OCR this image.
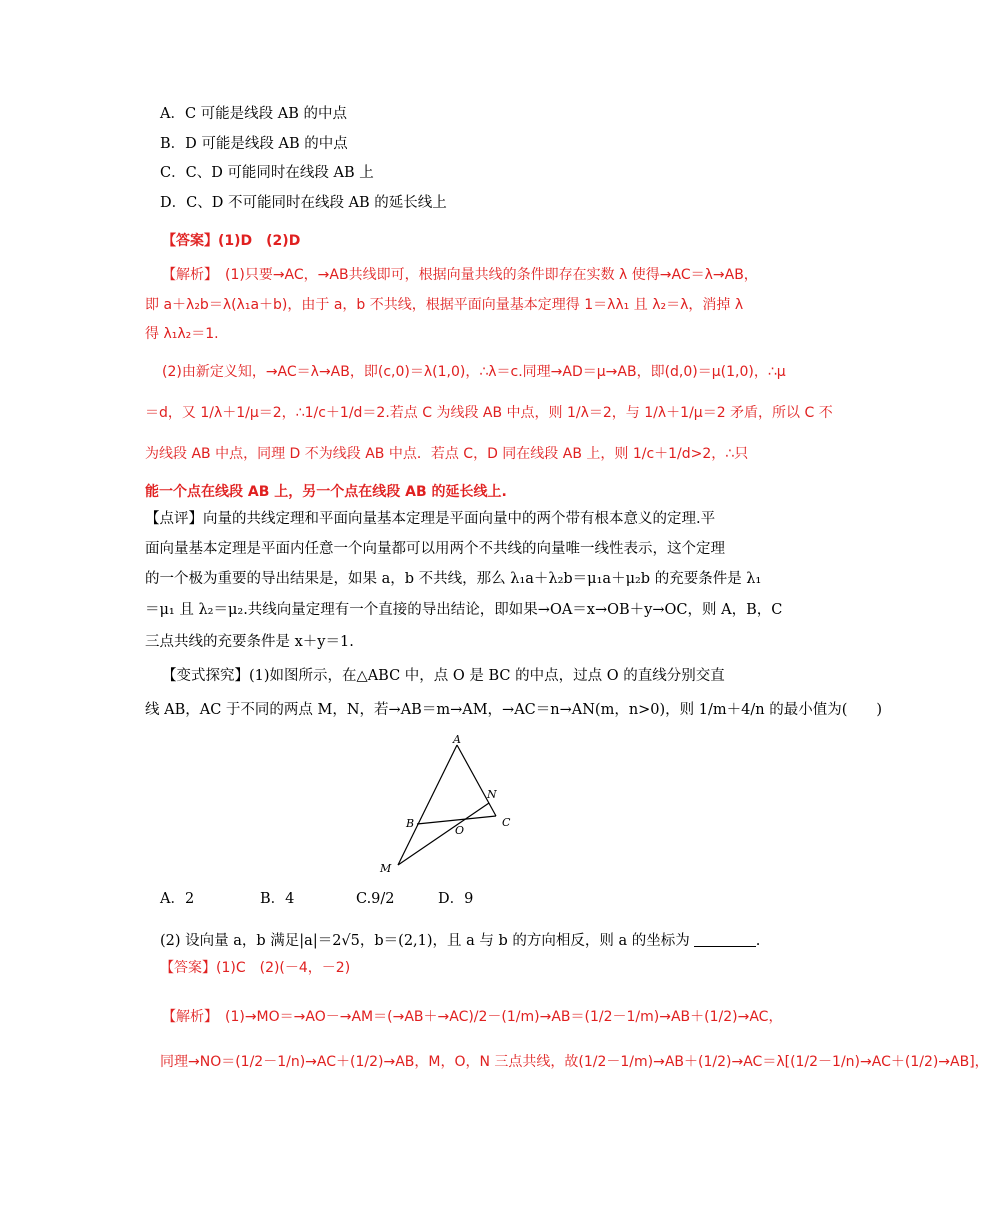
A．C 可能是线段 AB 的中点
B．D 可能是线段 AB 的中点
C．C、D 可能同时在线段 AB 上
D．C、D 不可能同时在线段 AB 的延长线上
【答案】(1)D　(2)D
【解析】　(1)只要→AC，→AB共线即可，根据向量共线的条件即存在实数 λ 使得→AC＝λ→AB，
即 a＋λ₂b＝λ(λ₁a＋b)，由于 a，b 不共线，根据平面向量基本定理得 1＝λλ₁ 且 λ₂＝λ，消掉 λ
得 λ₁λ₂＝1.
(2)由新定义知，→AC＝λ→AB，即(c,0)＝λ(1,0)，∴λ＝c.同理→AD＝μ→AB，即(d,0)＝μ(1,0)，∴μ
＝d，又 1/λ＋1/μ＝2，∴1/c＋1/d＝2.若点 C 为线段 AB 中点，则 1/λ＝2，与 1/λ＋1/μ＝2 矛盾，所以 C 不
为线段 AB 中点，同理 D 不为线段 AB 中点．若点 C，D 同在线段 AB 上，则 1/c＋1/d>2，∴只
能一个点在线段 AB 上，另一个点在线段 AB 的延长线上.
【点评】向量的共线定理和平面向量基本定理是平面向量中的两个带有根本意义的定理.平
面向量基本定理是平面内任意一个向量都可以用两个不共线的向量唯一线性表示，这个定理
的一个极为重要的导出结果是，如果 a，b 不共线，那么 λ₁a＋λ₂b＝μ₁a＋μ₂b 的充要条件是 λ₁
＝μ₁ 且 λ₂＝μ₂.共线向量定理有一个直接的导出结论，即如果→OA＝x→OB＋y→OC，则 A，B，C
三点共线的充要条件是 x＋y＝1.
【变式探究】(1)如图所示，在△ABC 中，点 O 是 BC 的中点，过点 O 的直线分别交直
线 AB，AC 于不同的两点 M，N，若→AB＝m→AM，→AC＝n→AN(m，n>0)，则 1/m＋4/n 的最小值为(　　)
A
N
B
O
C
M
A．2	B．4	C.9/2	D．9
(2) 设向量 a，b 满足|a|＝2√5，b＝(2,1)，且 a 与 b 的方向相反，则 a 的坐标为	.
【答案】(1)C　(2)(－4，－2)
【解析】　(1)→MO＝→AO－→AM＝(→AB＋→AC)/2－(1/m)→AB＝(1/2－1/m)→AB＋(1/2)→AC，
同理→NO＝(1/2－1/n)→AC＋(1/2)→AB，M，O，N 三点共线，故(1/2－1/m)→AB＋(1/2)→AC＝λ[(1/2－1/n)→AC＋(1/2)→AB]，
